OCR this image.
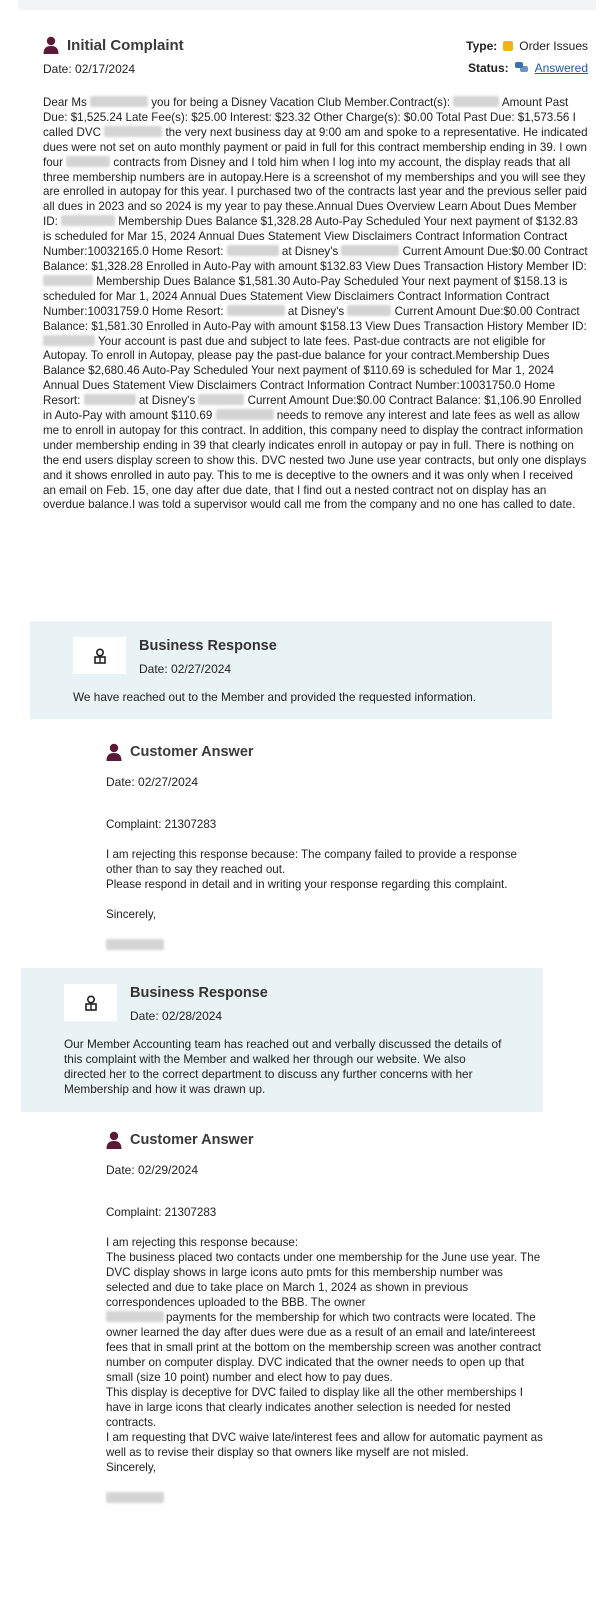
Initial Complaint
Date: 02/17/2024
Type: Order Issues
Status: Answered
Dear Ms	you for being a Disney Vacation Club Member.Contract(s):	Amount Past Due: $1,525.24 Late Fee(s): $25.00 Interest: $23.32 Other Charge(s): $0.00 Total Past Due: $1,573.56 I called DVC	the very next business day at 9:00 am and spoke to a representative. He indicated dues were not set on auto monthly payment or paid in full for this contract membership ending in 39. I own four	contracts from Disney and I told him when I log into my account, the display reads that all three membership numbers are in autopay.Here is a screenshot of my memberships and you will see they are enrolled in autopay for this year. I purchased two of the contracts last year and the previous seller paid all dues in 2023 and so 2024 is my year to pay these.Annual Dues Overview Learn About Dues Member ID:	Membership Dues Balance $1,328.28 Auto-Pay Scheduled Your next payment of $132.83 is scheduled for Mar 15, 2024 Annual Dues Statement View Disclaimers Contract Information Contract Number:10032165.0 Home Resort:	at Disney's	Current Amount Due:$0.00 Contract Balance: $1,328.28 Enrolled in Auto-Pay with amount $132.83 View Dues Transaction History Member ID:  Membership Dues Balance $1,581.30 Auto-Pay Scheduled Your next payment of $158.13 is scheduled for Mar 1, 2024 Annual Dues Statement View Disclaimers Contract Information Contract Number:10031759.0 Home Resort:	at Disney's	Current Amount Due:$0.00 Contract Balance: $1,581.30 Enrolled in Auto-Pay with amount $158.13 View Dues Transaction History Member ID:  Your account is past due and subject to late fees. Past-due contracts are not eligible for Autopay. To enroll in Autopay, please pay the past-due balance for your contract.Membership Dues Balance $2,680.46 Auto-Pay Scheduled Your next payment of $110.69 is scheduled for Mar 1, 2024 Annual Dues Statement View Disclaimers Contract Information Contract Number:10031750.0 Home Resort:	at Disney's	Current Amount Due:$0.00 Contract Balance: $1,106.90 Enrolled in Auto-Pay with amount $110.69	needs to remove any interest and late fees as well as allow me to enroll in autopay for this contract. In addition, this company need to display the contract information under membership ending in 39 that clearly indicates enroll in autopay or pay in full. There is nothing on the end users display screen to show this. DVC nested two June use year contracts, but only one displays and it shows enrolled in auto pay. This to me is deceptive to the owners and it was only when I received an email on Feb. 15, one day after due date, that I find out a nested contract not on display has an overdue balance.I was told a supervisor would call me from the company and no one has called to date.
Business Response
Date: 02/27/2024
We have reached out to the Member and provided the requested information.
Customer Answer
Date: 02/27/2024
Complaint: 21307283
I am rejecting this response because: The company failed to provide a response other than to say they reached out.
Please respond in detail and in writing your response regarding this complaint.
Sincerely,
Business Response
Date: 02/28/2024
Our Member Accounting team has reached out and verbally discussed the details of this complaint with the Member and walked her through our website. We also directed her to the correct department to discuss any further concerns with her Membership and how it was drawn up.
Customer Answer
Date: 02/29/2024
Complaint: 21307283
I am rejecting this response because:
The business placed two contacts under one membership for the June use year. The DVC display shows in large icons auto pmts for this membership number was selected and due to take place on March 1, 2024 as shown in previous correspondences uploaded to the BBB. The owner
payments for the membership for which two contracts were located. The owner learned the day after dues were due as a result of an email and late/intereest fees that in small print at the bottom on the membership screen was another contract number on computer display. DVC indicated that the owner needs to open up that small (size 10 point) number and elect how to pay dues.
This display is deceptive for DVC failed to display like all the other memberships I have in large icons that clearly indicates another selection is needed for nested contracts.
I am requesting that DVC waive late/interest fees and allow for automatic payment as well as to revise their display so that owners like myself are not misled.
Sincerely,
